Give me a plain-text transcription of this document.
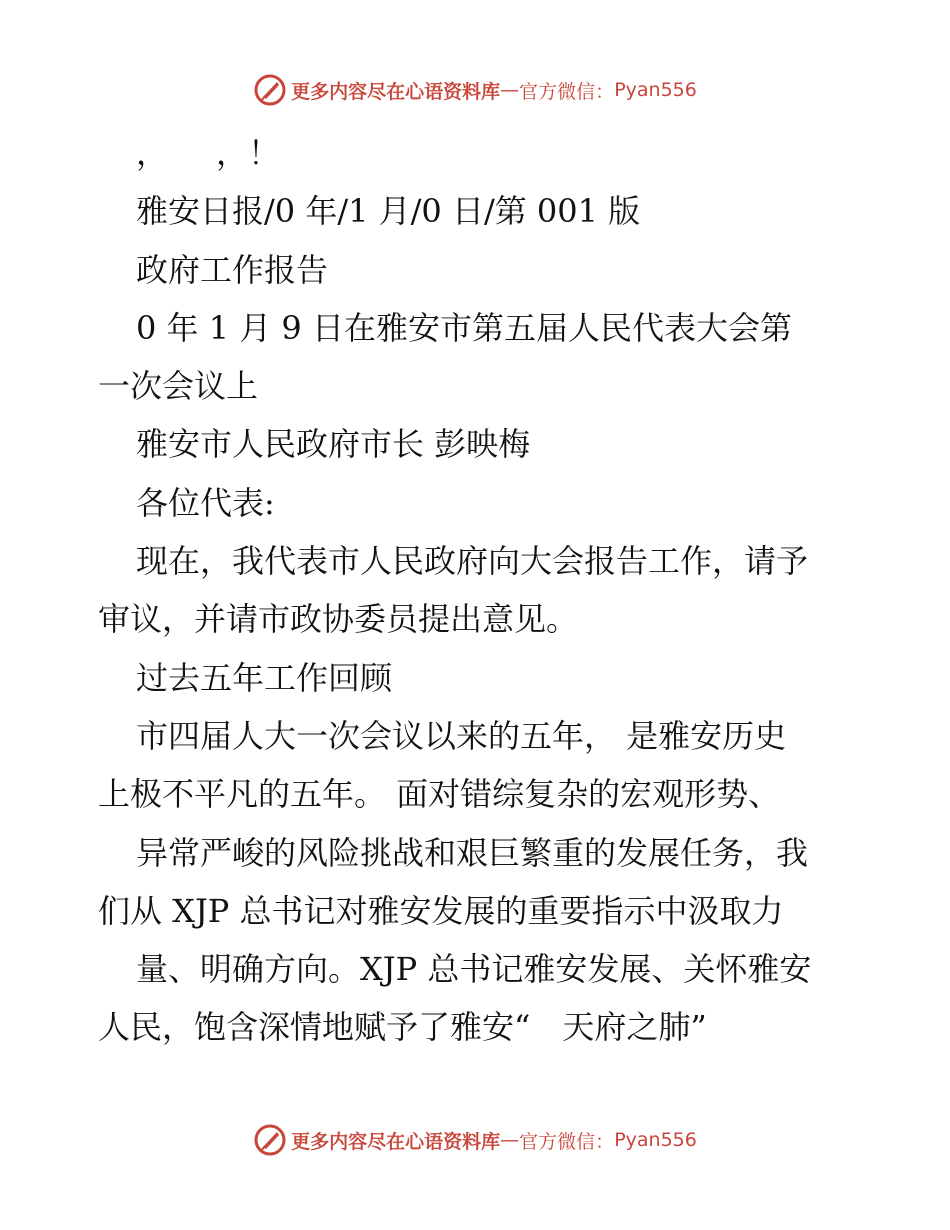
更多内容尽在心语资料库 — 官方微信： Pyan556
，　　，！
雅安日报/0 年/1 月/0 日/第 001 版
政府工作报告
0 年 1 月 9 日在雅安市第五届人民代表大会第
一次会议上
雅安市人民政府市长 彭映梅
各位代表:
现在，我代表市人民政府向大会报告工作，请予
审议，并请市政协委员提出意见。
过去五年工作回顾
市四届人大一次会议以来的五年， 是雅安历史
上极不平凡的五年。 面对错综复杂的宏观形势、
异常严峻的风险挑战和艰巨繁重的发展任务，我
们从 XJP 总书记对雅安发展的重要指示中汲取力
量、明确方向。XJP 总书记雅安发展、关怀雅安
人民，饱含深情地赋予了雅安“　天府之肺”
更多内容尽在心语资料库 — 官方微信： Pyan556
